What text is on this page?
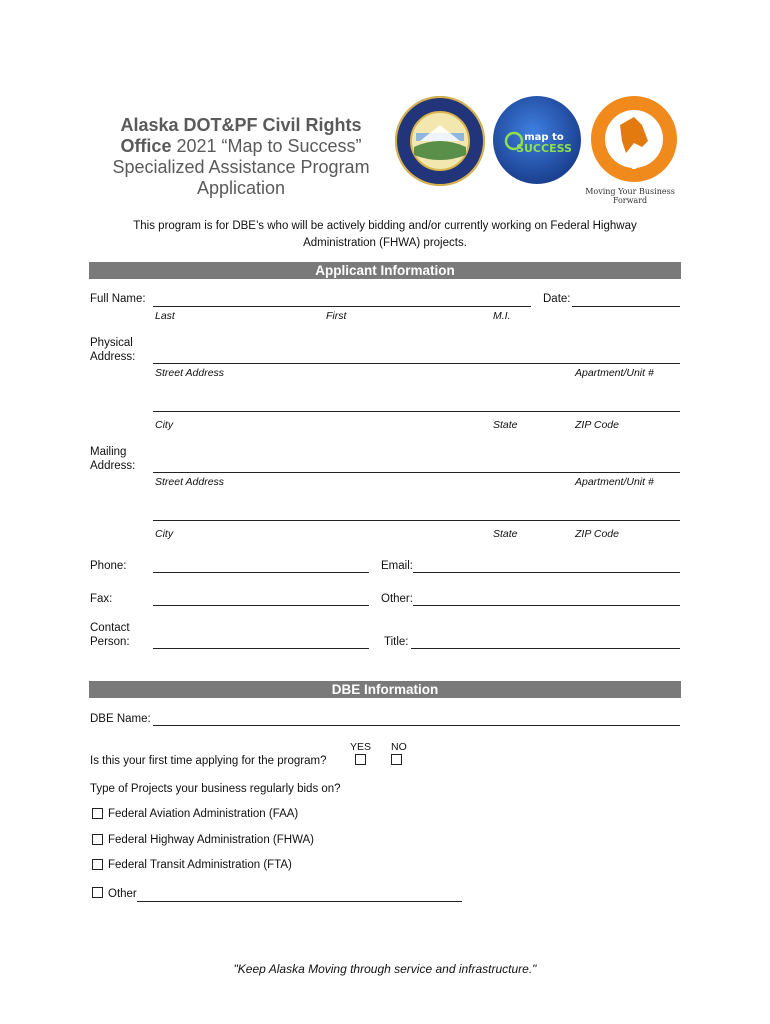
Alaska DOT&PF Civil Rights Office 2021 “Map to Success” Specialized Assistance Program Application
map to
SUCCESS
Moving Your Business Forward
This program is for DBE’s who will be actively bidding and/or currently working on Federal Highway Administration (FHWA) projects.
Applicant Information
Full Name:	Date:
Last	First	M.I.
Physical
Address:
Street Address	Apartment/Unit #
City	State	ZIP Code
Mailing
Address:
Street Address	Apartment/Unit #
City	State	ZIP Code
Phone:	Email:
Fax:	Other:
Contact
Person:	Title:
DBE Information
DBE Name:
YES NO
Is this your first time applying for the program?
Type of Projects your business regularly bids on?
Federal Aviation Administration (FAA)
Federal Highway Administration (FHWA)
Federal Transit Administration (FTA)
Other
"Keep Alaska Moving through service and infrastructure."
